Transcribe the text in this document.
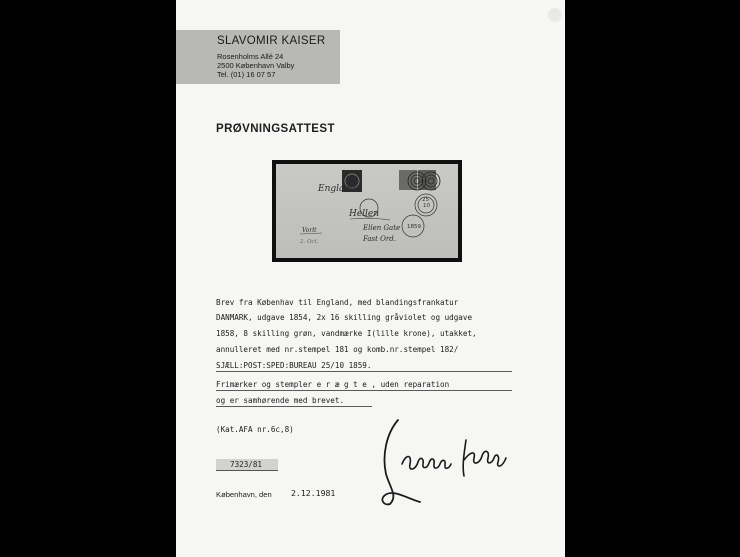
SLAVOMIR KAISER
Rosenholms Allé 24
2500 København Valby
Tel. (01) 16 07 57
PRØVNINGSATTEST
25
10
1859
England
Hellen
Ellen Gate
Fast Ord.
Vorlt
2. Oct.
Brev fra Københav til England, med blandingsfrankatur
DANMARK, udgave 1854, 2x 16 skilling gråviolet og udgave
1858, 8 skilling grøn, vandmærke I(lille krone), utakket,
annulleret med nr.stempel 181 og komb.nr.stempel 182/
SJÆLL:POST:SPED:BUREAU 25/10 1859.
Frimærker og stempler e r æ g t e , uden reparation
og er samhørende med brevet.
(Kat.AFA nr.6c,8)
7323/81
København, den 2.12.1981
